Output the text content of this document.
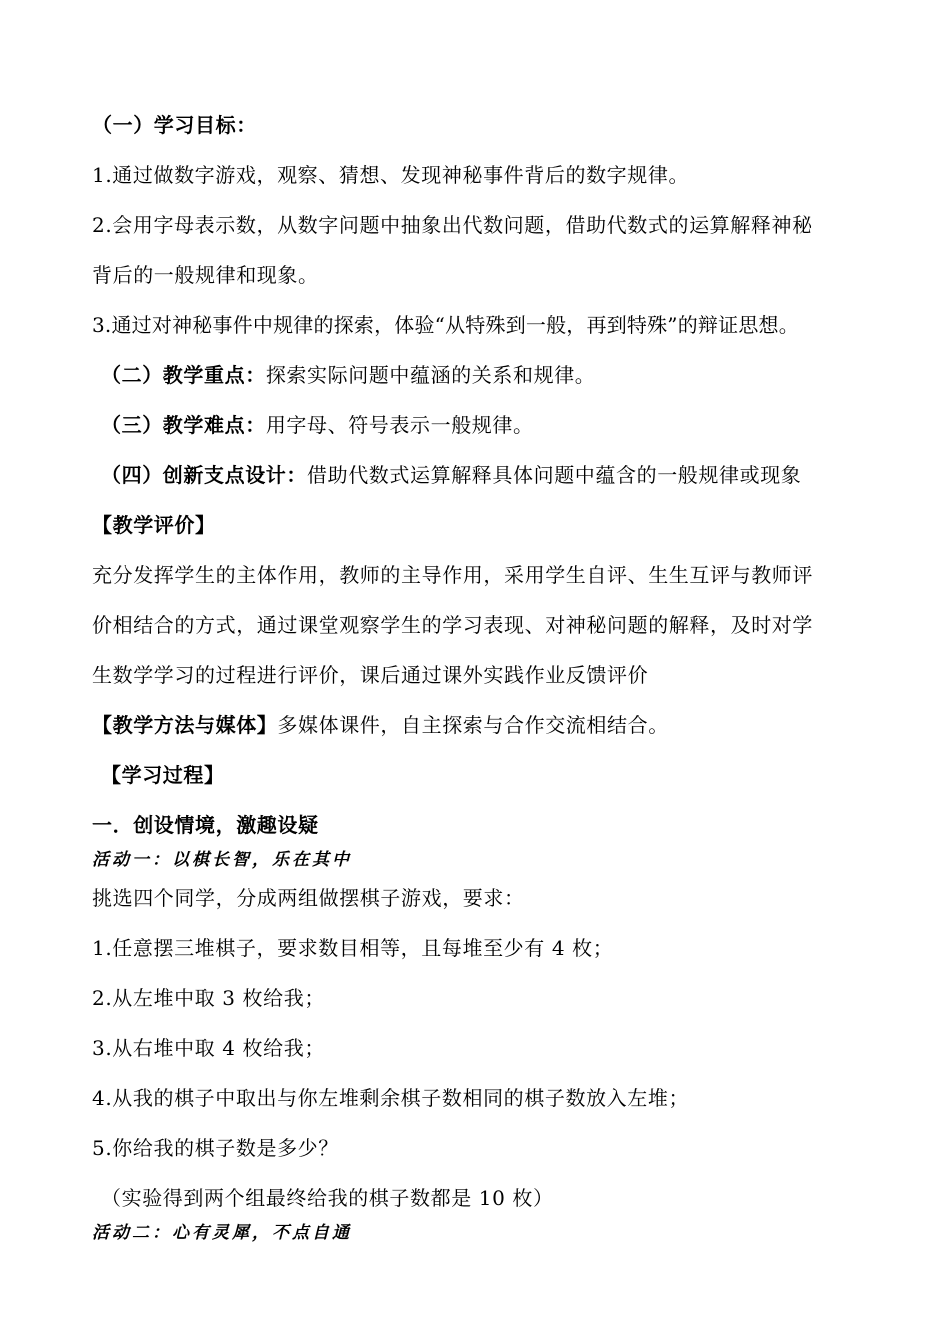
（一）学习目标：
1.通过做数字游戏，观察、猜想、发现神秘事件背后的数字规律。
2.会用字母表示数，从数字问题中抽象出代数问题，借助代数式的运算解释神秘
背后的一般规律和现象。
3.通过对神秘事件中规律的探索，体验“从特殊到一般，再到特殊”的辩证思想。
（二）教学重点：探索实际问题中蕴涵的关系和规律。
（三）教学难点：用字母、符号表示一般规律。
（四）创新支点设计：借助代数式运算解释具体问题中蕴含的一般规律或现象
【教学评价】
充分发挥学生的主体作用，教师的主导作用，采用学生自评、生生互评与教师评
价相结合的方式，通过课堂观察学生的学习表现、对神秘问题的解释，及时对学
生数学学习的过程进行评价，课后通过课外实践作业反馈评价
【教学方法与媒体】多媒体课件，自主探索与合作交流相结合。
【学习过程】
一．创设情境，激趣设疑
活动一：以棋长智，乐在其中
挑选四个同学，分成两组做摆棋子游戏，要求：
1.任意摆三堆棋子，要求数目相等，且每堆至少有 4 枚；
2.从左堆中取 3 枚给我；
3.从右堆中取 4 枚给我；
4.从我的棋子中取出与你左堆剩余棋子数相同的棋子数放入左堆；
5.你给我的棋子数是多少？
（实验得到两个组最终给我的棋子数都是 10 枚）
活动二：心有灵犀，不点自通
